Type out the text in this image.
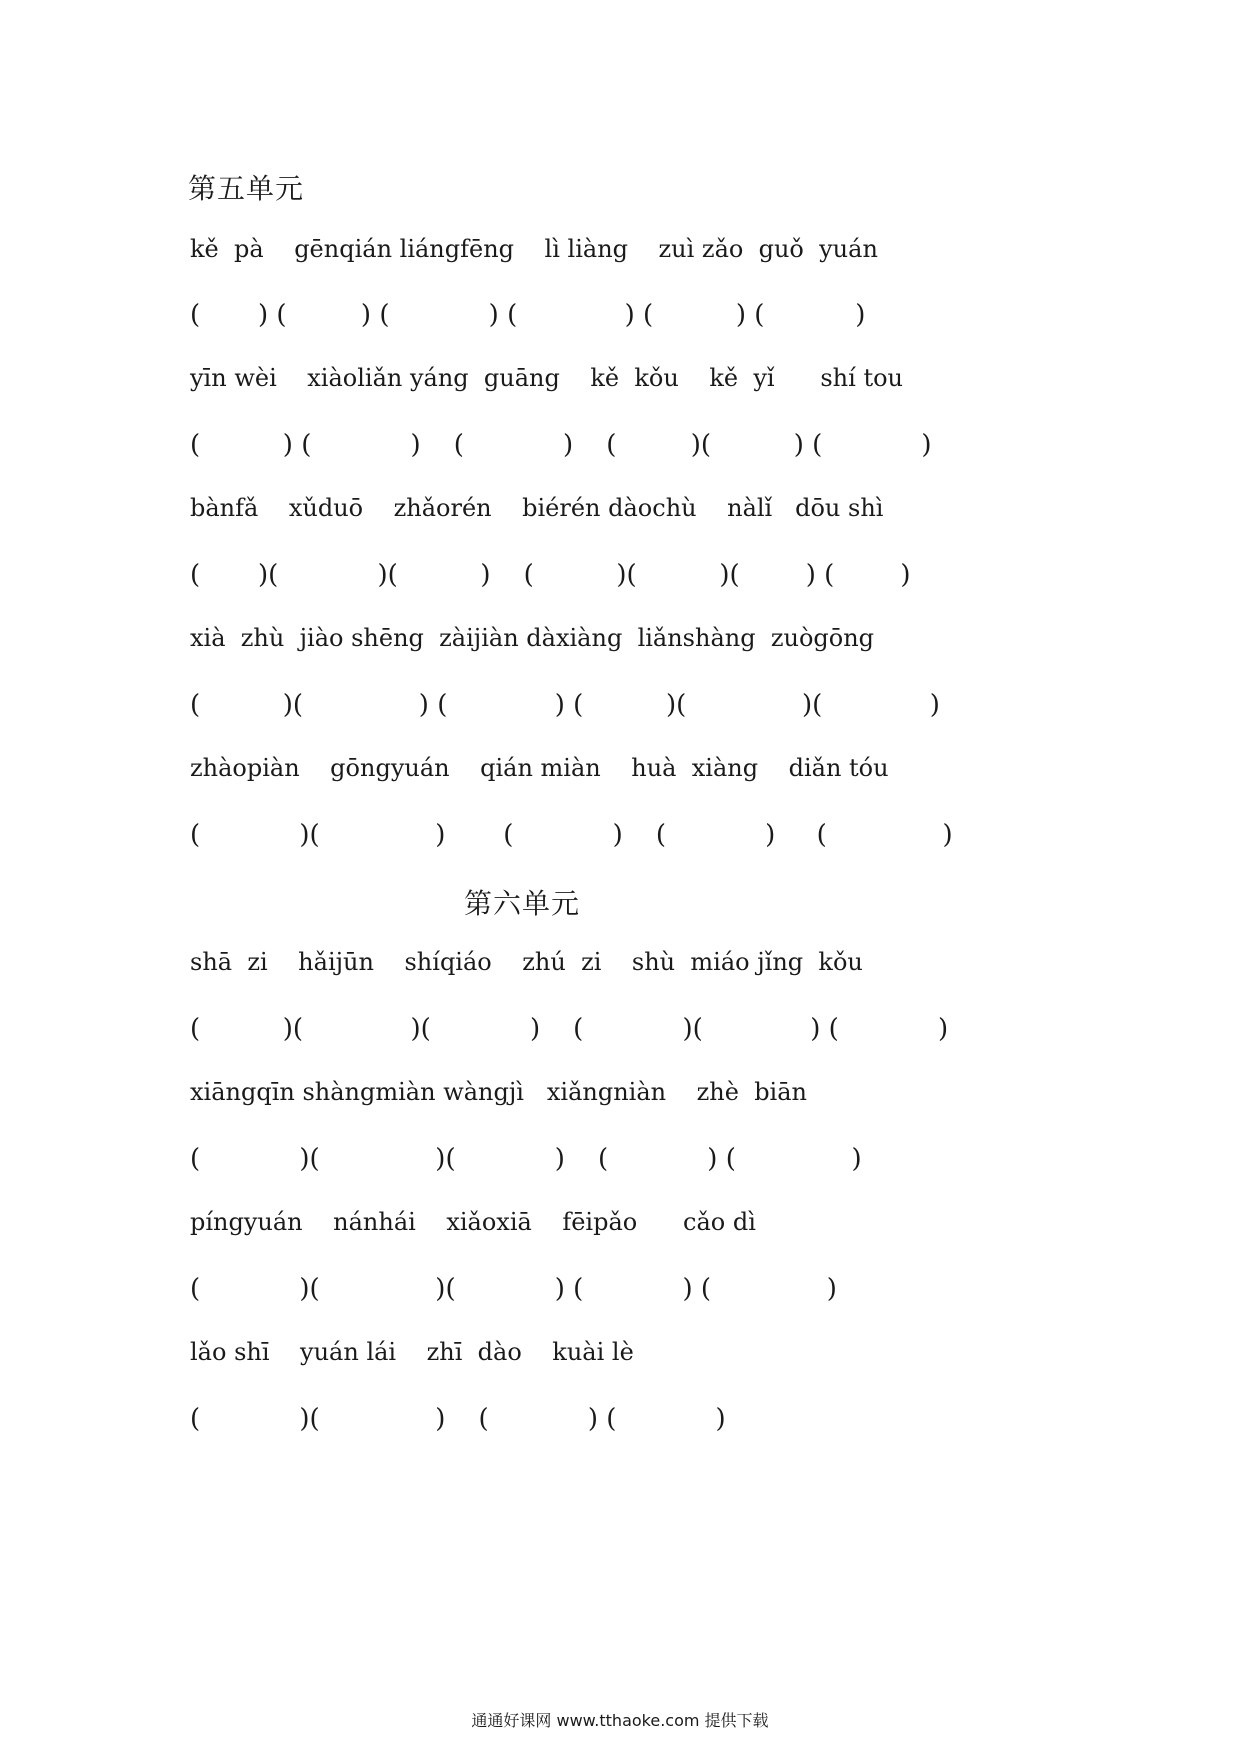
第五单元
kě  pà    gēnqián liángfēng    lì liàng    zuì zǎo  guǒ  yuán
(       ) (         ) (            ) (             ) (          ) (           )
yīn wèi    xiàoliǎn yáng  guāng    kě  kǒu    kě  yǐ      shí tou
(          ) (            )    (            )    (         )(          ) (            )
bànfǎ    xǔduō    zhǎorén    biérén dàochù    nàlǐ   dōu shì
(       )(            )(          )    (          )(          )(        ) (        )
xià  zhù  jiào shēng  zàijiàn dàxiàng  liǎnshàng  zuògōng
(          )(              ) (             ) (          )(              )(             )
zhàopiàn    gōngyuán    qián miàn    huà  xiàng    diǎn tóu
(            )(              )       (            )    (            )     (              )
第六单元
shā  zi    hǎijūn    shíqiáo    zhú  zi    shù  miáo jǐng  kǒu
(          )(             )(            )    (            )(             ) (            )
xiāngqīn shàngmiàn wàngjì   xiǎngniàn    zhè  biān
(            )(              )(            )    (            ) (              )
píngyuán    nánhái    xiǎoxiā    fēipǎo      cǎo dì
(            )(              )(            ) (            ) (              )
lǎo shī    yuán lái    zhī  dào    kuài lè
(            )(              )    (            ) (            )
通通好课网 www.tthaoke.com 提供下载
